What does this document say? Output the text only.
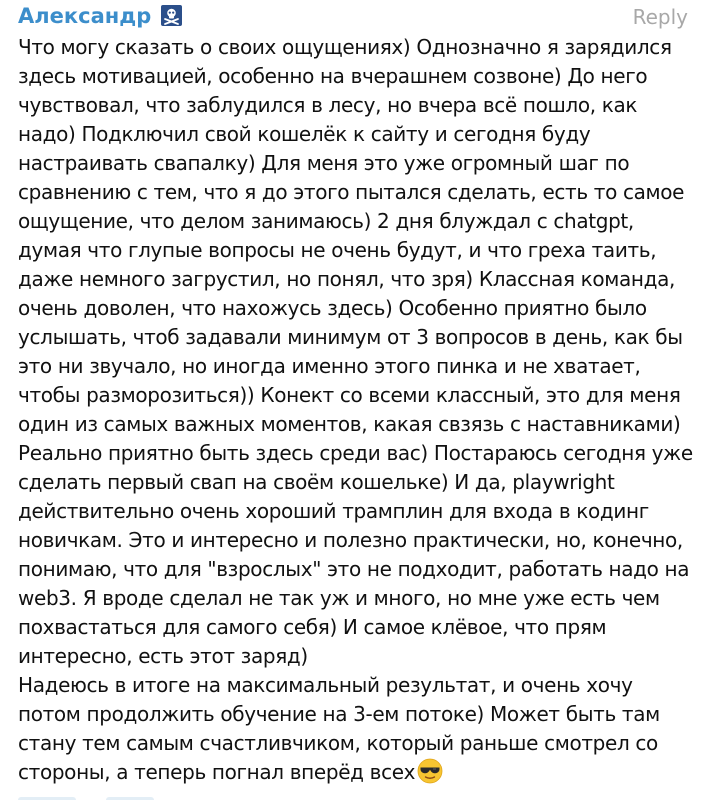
Александр	Reply
Что могу сказать о своих ощущениях) Однозначно я зарядился
здесь мотивацией, особенно на вчерашнем созвоне) До него
чувствовал, что заблудился в лесу, но вчера всё пошло, как
надо) Подключил свой кошелёк к сайту и сегодня буду
настраивать свапалку) Для меня это уже огромный шаг по
сравнению с тем, что я до этого пытался сделать, есть то самое
ощущение, что делом занимаюсь) 2 дня блуждал с chatgpt,
думая что глупые вопросы не очень будут, и что греха таить,
даже немного загрустил, но понял, что зря) Классная команда,
очень доволен, что нахожусь здесь) Особенно приятно было
услышать, чтоб задавали минимум от 3 вопросов в день, как бы
это ни звучало, но иногда именно этого пинка и не хватает,
чтобы разморозиться)) Конект со всеми классный, это для меня
один из самых важных моментов, какая свзязь с наставниками)
Реально приятно быть здесь среди вас) Постараюсь сегодня уже
сделать первый свап на своём кошельке) И да, playwright
действительно очень хороший трамплин для входа в кодинг
новичкам. Это и интересно и полезно практически, но, конечно,
понимаю, что для "взрослых" это не подходит, работать надо на
web3. Я вроде сделал не так уж и много, но мне уже есть чем
похвастаться для самого себя) И самое клёвое, что прям
интересно, есть этот заряд)
Надеюсь в итоге на максимальный результат, и очень хочу
потом продолжить обучение на 3-ем потоке) Может быть там
стану тем самым счастливчиком, который раньше смотрел со
стороны, а теперь погнал вперёд всех
